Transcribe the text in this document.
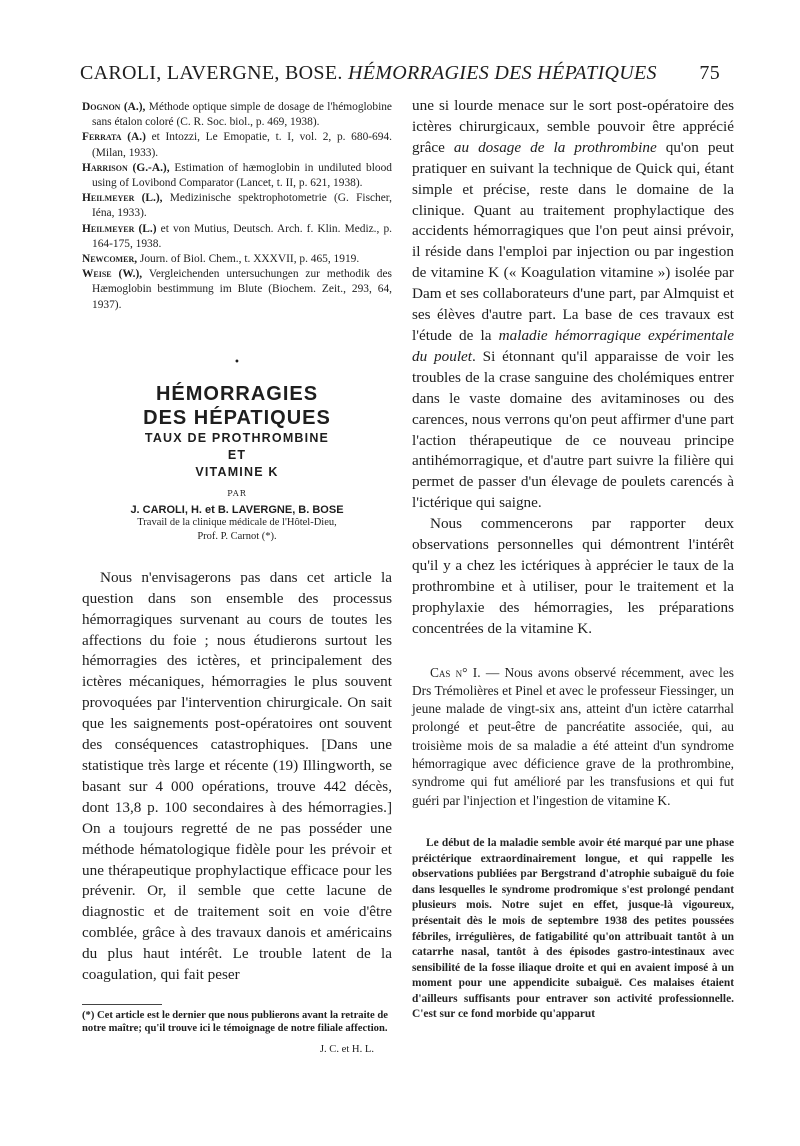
CAROLI, LAVERGNE, BOSE. HÉMORRAGIES DES HÉPATIQUES 75

Dognon (A.), Méthode optique simple de dosage de l'hémoglobine sans étalon coloré (C. R. Soc. biol., p. 469, 1938).

Ferrata (A.) et Intozzi, Le Emopatie, t. I, vol. 2, p. 680-694. (Milan, 1933).

Harrison (G.-A.), Estimation of hæmoglobin in undiluted blood using of Lovibond Comparator (Lancet, t. II, p. 621, 1938).

Heilmeyer (L.), Medizinische spektrophotometrie (G. Fischer, Iéna, 1933).

Heilmeyer (L.) et von Mutius, Deutsch. Arch. f. Klin. Mediz., p. 164-175, 1938.

Newcomer, Journ. of Biol. Chem., t. XXXVII, p. 465, 1919.

Weise (W.), Vergleichenden untersuchungen zur methodik des Hæmoglobin bestimmung im Blute (Biochem. Zeit., 293, 64, 1937).

•

HÉMORRAGIES

DES HÉPATIQUES

TAUX DE PROTHROMBINE

ET

VITAMINE K

PAR

J. CAROLI, H. et B. LAVERGNE, B. BOSE

Travail de la clinique médicale de l'Hôtel-Dieu,

Prof. P. Carnot (*).

Nous n'envisagerons pas dans cet article la question dans son ensemble des processus hémorragiques survenant au cours de toutes les affections du foie ; nous étudierons surtout les hémorragies des ictères, et principalement des ictères mécaniques, hémorragies le plus souvent provoquées par l'intervention chirurgicale. On sait que les saignements post-opératoires ont souvent des conséquences catastrophiques. [Dans une statistique très large et récente (19) Illingworth, se basant sur 4 000 opérations, trouve 442 décès, dont 13,8 p. 100 secondaires à des hémorragies.] On a toujours regretté de ne pas posséder une méthode hématologique fidèle pour les prévoir et une thérapeutique prophylactique efficace pour les prévenir. Or, il semble que cette lacune de diagnostic et de traitement soit en voie d'être comblée, grâce à des travaux danois et américains du plus haut intérêt. Le trouble latent de la coagulation, qui fait peser

(*) Cet article est le dernier que nous publierons avant la retraite de notre maître; qu'il trouve ici le témoignage de notre filiale affection.

J. C. et H. L.

une si lourde menace sur le sort post-opératoire des ictères chirurgicaux, semble pouvoir être apprécié grâce au dosage de la prothrombine qu'on peut pratiquer en suivant la technique de Quick qui, étant simple et précise, reste dans le domaine de la clinique. Quant au traitement prophylactique des accidents hémorragiques que l'on peut ainsi prévoir, il réside dans l'emploi par injection ou par ingestion de vitamine K (« Koagulation vitamine ») isolée par Dam et ses collaborateurs d'une part, par Almquist et ses élèves d'autre part. La base de ces travaux est l'étude de la maladie hémorragique expérimentale du poulet. Si étonnant qu'il apparaisse de voir les troubles de la crase sanguine des cholémiques entrer dans le vaste domaine des avitaminoses ou des carences, nous verrons qu'on peut affirmer d'une part l'action thérapeutique de ce nouveau principe antihémorragique, et d'autre part suivre la filière qui permet de passer d'un élevage de poulets carencés à l'ictérique qui saigne.

Nous commencerons par rapporter deux observations personnelles qui démontrent l'intérêt qu'il y a chez les ictériques à apprécier le taux de la prothrombine et à utiliser, pour le traitement et la prophylaxie des hémorragies, les préparations concentrées de la vitamine K.

Cas n° I. — Nous avons observé récemment, avec les Drs Trémolières et Pinel et avec le professeur Fiessinger, un jeune malade de vingt-six ans, atteint d'un ictère catarrhal prolongé et peut-être de pancréatite associée, qui, au troisième mois de sa maladie a été atteint d'un syndrome hémorragique avec déficience grave de la prothrombine, syndrome qui fut amélioré par les transfusions et qui fut guéri par l'injection et l'ingestion de vitamine K.

Le début de la maladie semble avoir été marqué par une phase préictérique extraordinairement longue, et qui rappelle les observations publiées par Bergstrand d'atrophie subaiguë du foie dans lesquelles le syndrome prodromique s'est prolongé pendant plusieurs mois. Notre sujet en effet, jusque-là vigoureux, présentait dès le mois de septembre 1938 des petites poussées fébriles, irrégulières, de fatigabilité qu'on attribuait tantôt à un catarrhe nasal, tantôt à des épisodes gastro-intestinaux avec sensibilité de la fosse iliaque droite et qui en avaient imposé à un moment pour une appendicite subaiguë. Ces malaises étaient d'ailleurs suffisants pour entraver son activité professionnelle. C'est sur ce fond morbide qu'apparut
